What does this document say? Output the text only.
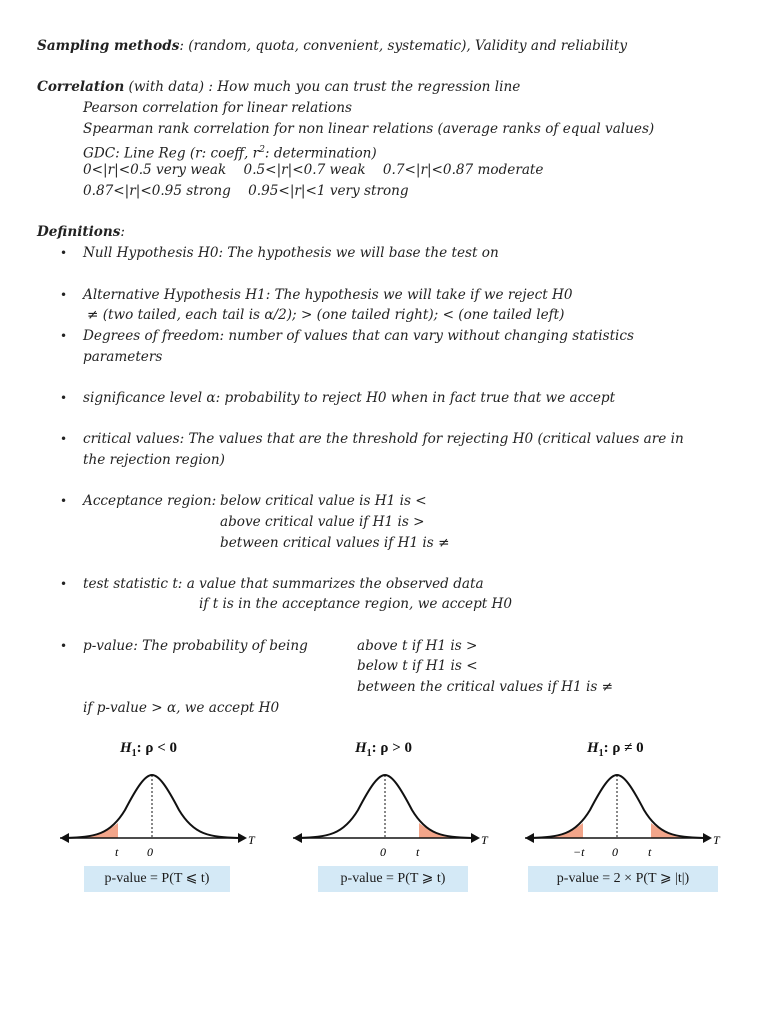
Sampling methods: (random, quota, convenient, systematic), Validity and reliability
Correlation (with data) : How much you can trust the regression line
Pearson correlation for linear relations
Spearman rank correlation for non linear relations (average ranks of equal values)
GDC: Line Reg (r: coeff, $r^2$: determination)
0<|r|<0.5 very weak    0.5<|r|<0.7 weak    0.7<|r|<0.87 moderate
0.87<|r|<0.95 strong    0.95<|r|<1 very strong
Definitions:
• Null Hypothesis H0: The hypothesis we will base the test on
• Alternative Hypothesis H1: The hypothesis we will take if we reject H0
≠ (two tailed, each tail is α/2); > (one tailed right); < (one tailed left)
• Degrees of freedom: number of values that can vary without changing statistics
parameters
• significance level α: probability to reject H0 when in fact true that we accept
• critical values: The values that are the threshold for rejecting H0 (critical values are in
the rejection region)
• Acceptance region: below critical value is H1 is <
above critical value if H1 is >
between critical values if H1 is ≠
• test statistic t: a value that summarizes the observed data
if t is in the acceptance region, we accept H0
• p-value: The probability of being	above t if H1 is >
below t if H1 is <
between the critical values if H1 is ≠
if p-value > α, we accept H0
$H_1$: ρ < 0
T
t 0
p-value = P(T ⩽ t)
$H_1$: ρ > 0
T
0	t
p-value = P(T ⩾ t)
$H_1$: ρ ≠ 0
T
−t 0	t
p-value = 2 × P(T ⩾ |t|)
